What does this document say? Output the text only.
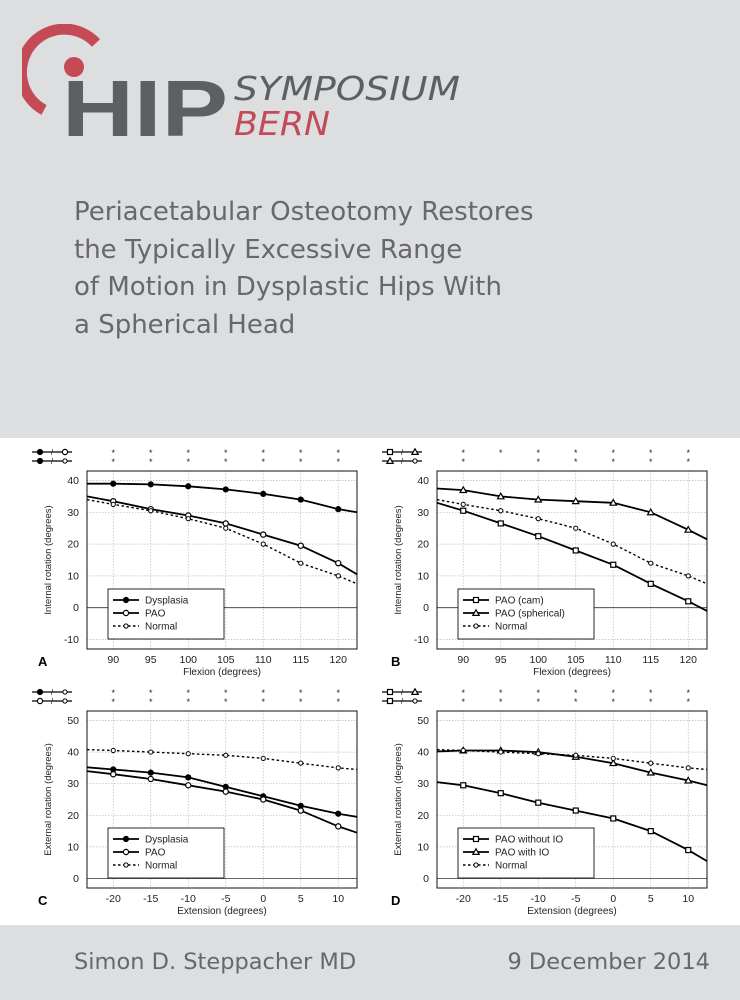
HIP SYMPOSIUM
BERN
Periacetabular Osteotomy Restores
the Typically Excessive Range
of Motion in Dysplastic Hips With
a Spherical Head
-10
0
10
20
30
40
90 95 100 105 110 115 120
Flexion (degrees)
Internal rotation (degrees)
A
Dysplasia
PAO
Normal
/	*	*	*	*	*	*	*
/	*	*	*	*	*	*	*
-10
0
10
20
30
40
90 95 100 105 110 115 120
Flexion (degrees)
Internal rotation (degrees)
B
PAO (cam)
PAO (spherical)
Normal
/	*	*	*	*	*	*	*
/	*	*	*	*	*	*
0
10
20
30
40
50
-20 -15 -10 -5	0	5	10
Extension (degrees)
External rotation (degrees)
C
Dysplasia
PAO
Normal
/	*	*	*	*	*	*	*
/	*	*	*	*	*	*	*
0
10
20
30
40
50
-20 -15 -10 -5	0	5	10
Extension (degrees)
External rotation (degrees)
D
PAO without IO
PAO with IO
Normal
/	*	*	*	*	*	*	*
/	*	*	*	*	*	*	*
Simon D. Steppacher MD	9 December 2014
